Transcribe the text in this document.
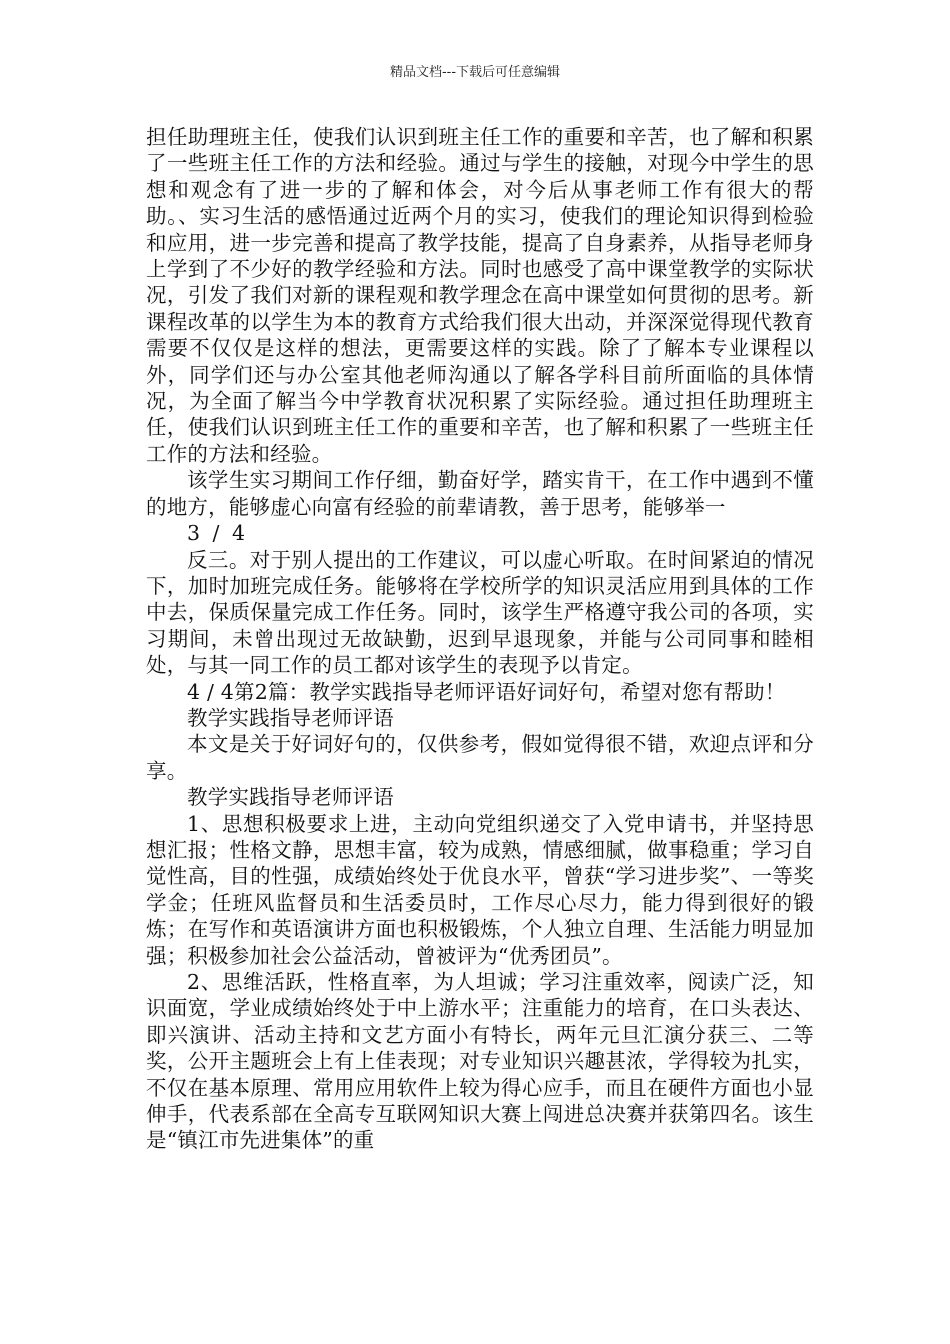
精品文档---下载后可任意编辑

担任助理班主任，使我们认识到班主任工作的重要和辛苦，也了解和积累了一些班主任工作的方法和经验。通过与学生的接触，对现今中学生的思想和观念有了进一步的了解和体会，对今后从事老师工作有很大的帮助。、实习生活的感悟通过近两个月的实习，使我们的理论知识得到检验和应用，进一步完善和提高了教学技能，提高了自身素养，从指导老师身上学到了不少好的教学经验和方法。同时也感受了高中课堂教学的实际状况，引发了我们对新的课程观和教学理念在高中课堂如何贯彻的思考。新课程改革的以学生为本的教育方式给我们很大出动，并深深觉得现代教育需要不仅仅是这样的想法，更需要这样的实践。除了了解本专业课程以外，同学们还与办公室其他老师沟通以了解各学科目前所面临的具体情况，为全面了解当今中学教育状况积累了实际经验。通过担任助理班主任，使我们认识到班主任工作的重要和辛苦，也了解和积累了一些班主任工作的方法和经验。

该学生实习期间工作仔细，勤奋好学，踏实肯干，在工作中遇到不懂的地方，能够虚心向富有经验的前辈请教，善于思考，能够举一

3 / 4

反三。对于别人提出的工作建议，可以虚心听取。在时间紧迫的情况下，加时加班完成任务。能够将在学校所学的知识灵活应用到具体的工作中去，保质保量完成工作任务。同时，该学生严格遵守我公司的各项，实习期间，未曾出现过无故缺勤，迟到早退现象，并能与公司同事和睦相处，与其一同工作的员工都对该学生的表现予以肯定。

4 / 4第2篇：教学实践指导老师评语好词好句，希望对您有帮助！

教学实践指导老师评语

本文是关于好词好句的，仅供参考，假如觉得很不错，欢迎点评和分享。

教学实践指导老师评语

1、思想积极要求上进，主动向党组织递交了入党申请书，并坚持思想汇报；性格文静，思想丰富，较为成熟，情感细腻，做事稳重；学习自觉性高，目的性强，成绩始终处于优良水平，曾获“学习进步奖”、一等奖学金；任班风监督员和生活委员时，工作尽心尽力，能力得到很好的锻炼；在写作和英语演讲方面也积极锻炼，个人独立自理、生活能力明显加强；积极参加社会公益活动，曾被评为“优秀团员”。

2、思维活跃，性格直率，为人坦诚；学习注重效率，阅读广泛，知识面宽，学业成绩始终处于中上游水平；注重能力的培育，在口头表达、即兴演讲、活动主持和文艺方面小有特长，两年元旦汇演分获三、二等奖，公开主题班会上有上佳表现；对专业知识兴趣甚浓，学得较为扎实，不仅在基本原理、常用应用软件上较为得心应手，而且在硬件方面也小显伸手，代表系部在全高专互联网知识大赛上闯进总决赛并获第四名。该生是“镇江市先进集体”的重
